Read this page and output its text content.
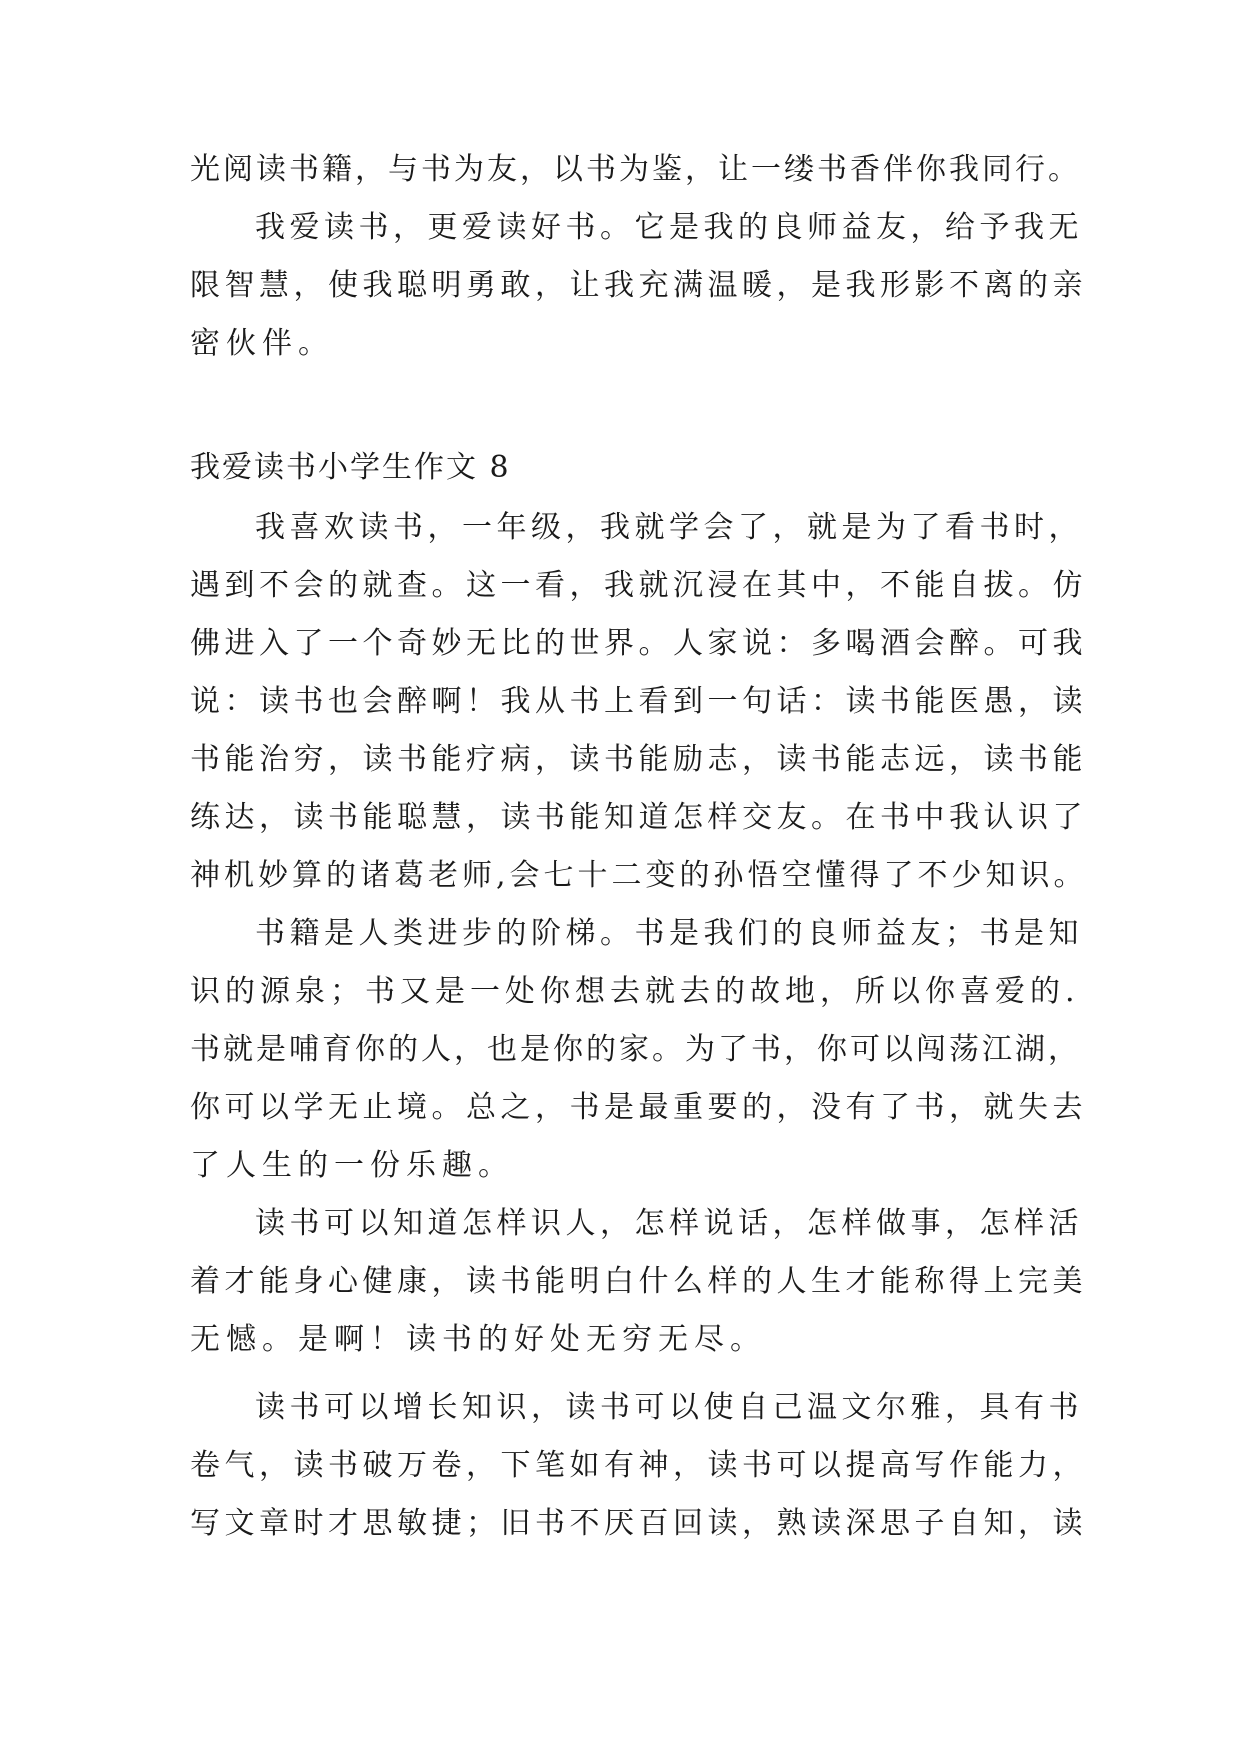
光阅读书籍，与书为友，以书为鉴，让一缕书香伴你我同行。
我爱读书，更爱读好书。它是我的良师益友，给予我无
限智慧，使我聪明勇敢，让我充满温暖，是我形影不离的亲
密伙伴。
我爱读书小学生作文 8
我喜欢读书，一年级，我就学会了，就是为了看书时，
遇到不会的就查。这一看，我就沉浸在其中，不能自拔。仿
佛进入了一个奇妙无比的世界。人家说：多喝酒会醉。可我
说：读书也会醉啊！我从书上看到一句话：读书能医愚，读
书能治穷，读书能疗病，读书能励志，读书能志远，读书能
练达，读书能聪慧，读书能知道怎样交友。在书中我认识了
神机妙算的诸葛老师,会七十二变的孙悟空懂得了不少知识。
书籍是人类进步的阶梯。书是我们的良师益友；书是知
识的源泉；书又是一处你想去就去的故地，所以你喜爱的.
书就是哺育你的人，也是你的家。为了书，你可以闯荡江湖，
你可以学无止境。总之，书是最重要的，没有了书，就失去
了人生的一份乐趣。
读书可以知道怎样识人，怎样说话，怎样做事，怎样活
着才能身心健康，读书能明白什么样的人生才能称得上完美
无憾。是啊！读书的好处无穷无尽。
读书可以增长知识，读书可以使自己温文尔雅，具有书
卷气，读书破万卷，下笔如有神，读书可以提高写作能力，
写文章时才思敏捷；旧书不厌百回读，熟读深思子自知，读
